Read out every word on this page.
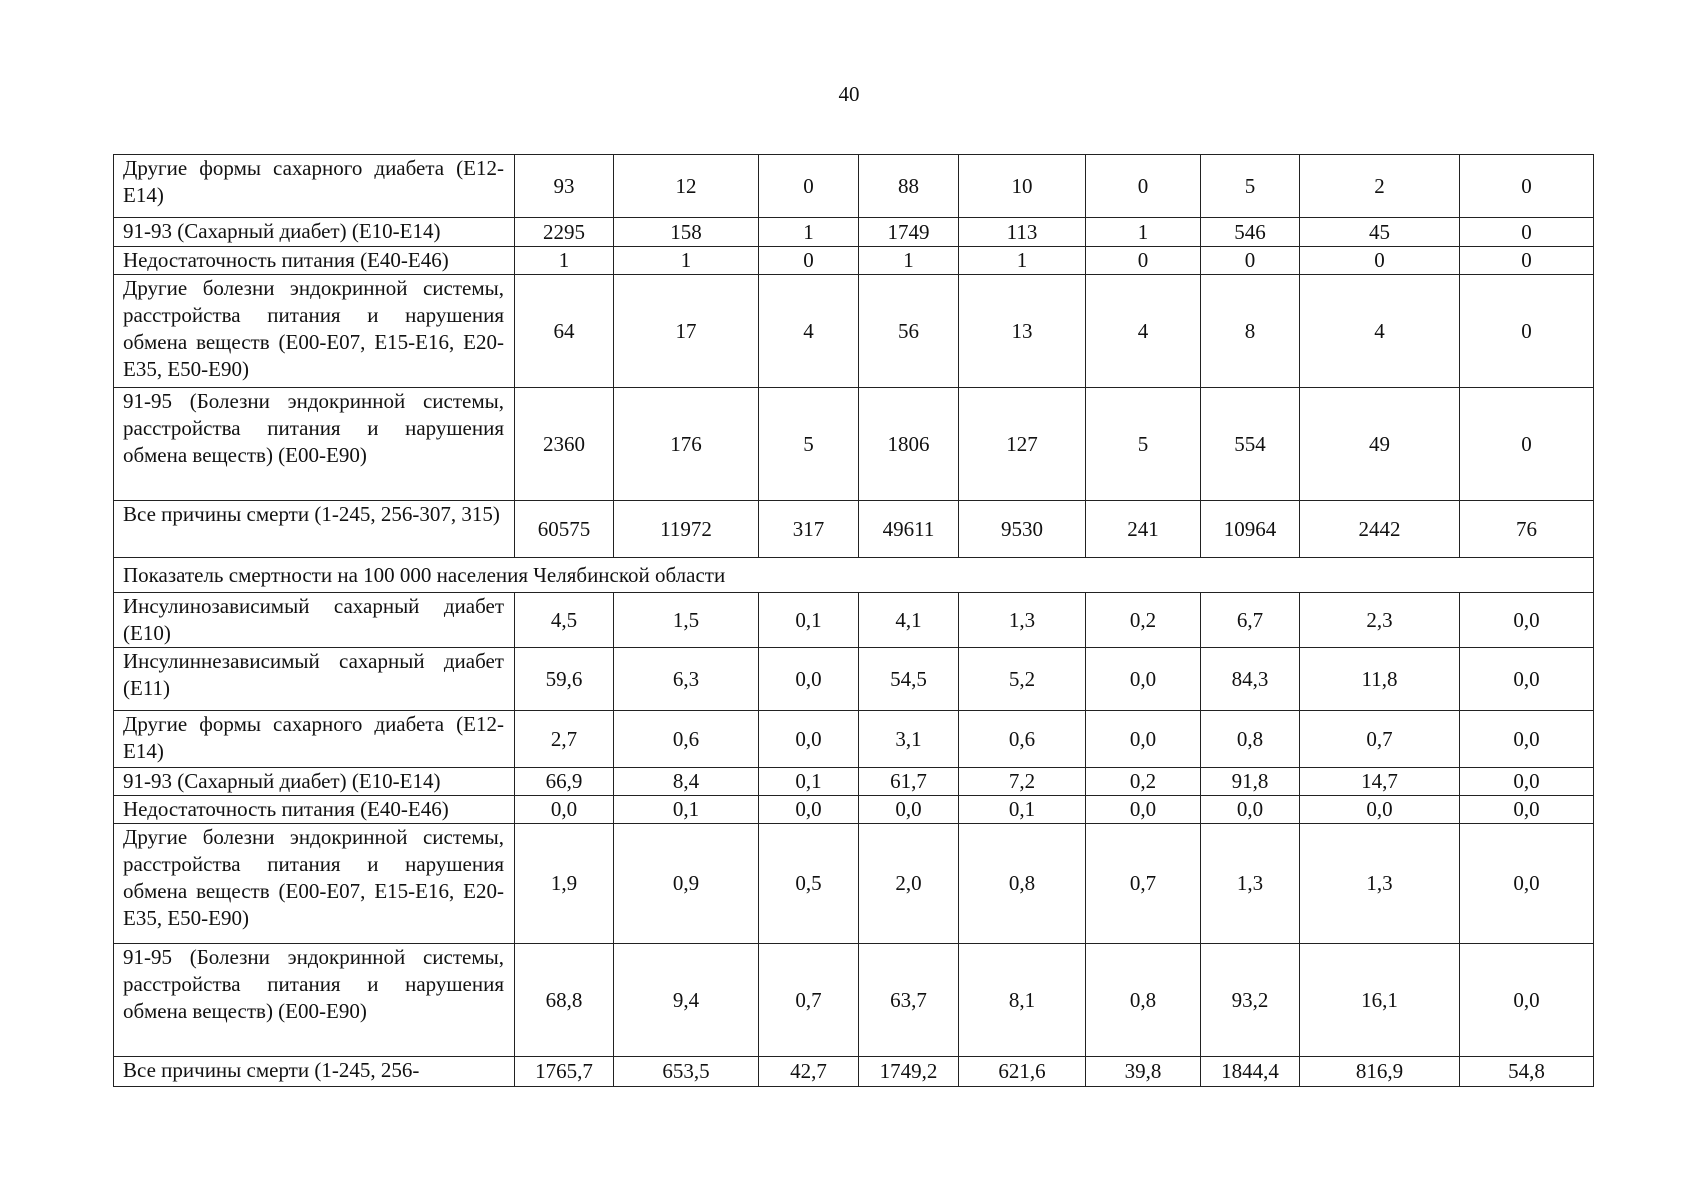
40
Другие формы сахарного диабета (E12-E14)	93	12	0	88	10	0	5	2	0
91-93 (Сахарный диабет) (E10-E14)	2295	158	1	1749	113	1	546	45	0
Недостаточность питания (E40-E46)	1	1	0	1	1	0	0	0	0
Другие болезни эндокринной системы, расстройства питания и нарушения обмена веществ (E00-E07, E15-E16, E20-E35, E50-E90)	64	17	4	56	13	4	8	4	0
91-95 (Болезни эндокринной системы, расстройства питания и нарушения обмена веществ) (E00-E90)	2360	176	5	1806	127	5	554	49	0
Все причины смерти (1-245, 256-307, 315)	60575	11972	317	49611	9530	241	10964	2442	76
Показатель смертности на 100 000 населения Челябинской области									
Инсулинозависимый сахарный диабет (E10)	4,5	1,5	0,1	4,1	1,3	0,2	6,7	2,3	0,0
Инсулиннезависимый сахарный диабет (E11)	59,6	6,3	0,0	54,5	5,2	0,0	84,3	11,8	0,0
Другие формы сахарного диабета (E12-E14)	2,7	0,6	0,0	3,1	0,6	0,0	0,8	0,7	0,0
91-93 (Сахарный диабет) (E10-E14)	66,9	8,4	0,1	61,7	7,2	0,2	91,8	14,7	0,0
Недостаточность питания (E40-E46)	0,0	0,1	0,0	0,0	0,1	0,0	0,0	0,0	0,0
Другие болезни эндокринной системы, расстройства питания и нарушения обмена веществ (E00-E07, E15-E16, E20-E35, E50-E90)	1,9	0,9	0,5	2,0	0,8	0,7	1,3	1,3	0,0
91-95 (Болезни эндокринной системы, расстройства питания и нарушения обмена веществ) (E00-E90)	68,8	9,4	0,7	63,7	8,1	0,8	93,2	16,1	0,0
Все причины смерти (1-245, 256-	1765,7	653,5	42,7	1749,2	621,6	39,8	1844,4	816,9	54,8
